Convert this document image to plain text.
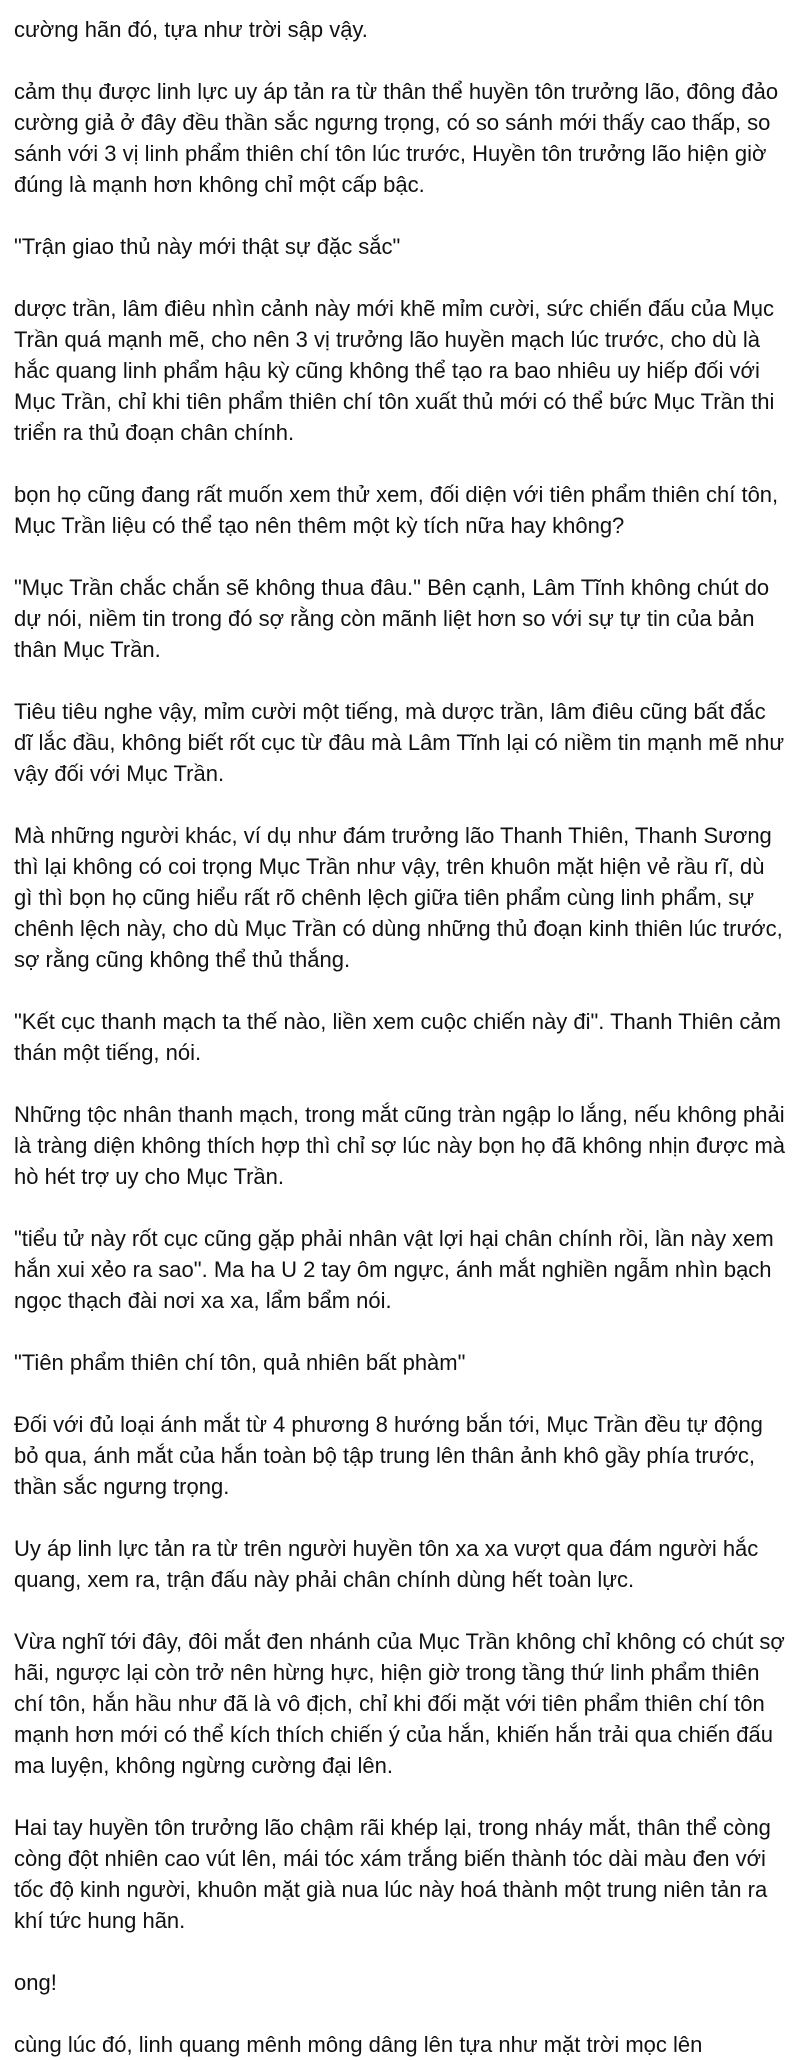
cường hãn đó, tựa như trời sập vậy.

cảm thụ được linh lực uy áp tản ra từ thân thể huyền tôn trưởng lão, đông đảo cường giả ở đây đều thần sắc ngưng trọng, có so sánh mới thấy cao thấp, so sánh với 3 vị linh phẩm thiên chí tôn lúc trước, Huyền tôn trưởng lão hiện giờ đúng là mạnh hơn không chỉ một cấp bậc.

"Trận giao thủ này mới thật sự đặc sắc"

dược trần, lâm điêu nhìn cảnh này mới khẽ mỉm cười, sức chiến đấu của Mục Trần quá mạnh mẽ, cho nên 3 vị trưởng lão huyền mạch lúc trước, cho dù là hắc quang linh phẩm hậu kỳ cũng không thể tạo ra bao nhiêu uy hiếp đối với Mục Trần, chỉ khi tiên phẩm thiên chí tôn xuất thủ mới có thể bức Mục Trần thi triển ra thủ đoạn chân chính.

bọn họ cũng đang rất muốn xem thử xem, đối diện với tiên phẩm thiên chí tôn, Mục Trần liệu có thể tạo nên thêm một kỳ tích nữa hay không?

"Mục Trần chắc chắn sẽ không thua đâu." Bên cạnh, Lâm Tĩnh không chút do dự nói, niềm tin trong đó sợ rằng còn mãnh liệt hơn so với sự tự tin của bản thân Mục Trần.

Tiêu tiêu nghe vậy, mỉm cười một tiếng, mà dược trần, lâm điêu cũng bất đắc dĩ lắc đầu, không biết rốt cục từ đâu mà Lâm Tĩnh lại có niềm tin mạnh mẽ như vậy đối với Mục Trần.

Mà những người khác, ví dụ như đám trưởng lão Thanh Thiên, Thanh Sương thì lại không có coi trọng Mục Trần như vậy, trên khuôn mặt hiện vẻ rầu rĩ, dù gì thì bọn họ cũng hiểu rất rõ chênh lệch giữa tiên phẩm cùng linh phẩm, sự chênh lệch này, cho dù Mục Trần có dùng những thủ đoạn kinh thiên lúc trước, sợ rằng cũng không thể thủ thắng.

"Kết cục thanh mạch ta thế nào, liền xem cuộc chiến này đi". Thanh Thiên cảm thán một tiếng, nói.

Những tộc nhân thanh mạch, trong mắt cũng tràn ngập lo lắng, nếu không phải là tràng diện không thích hợp thì chỉ sợ lúc này bọn họ đã không nhịn được mà hò hét trợ uy cho Mục Trần.

"tiểu tử này rốt cục cũng gặp phải nhân vật lợi hại chân chính rồi, lần này xem hắn xui xẻo ra sao". Ma ha U 2 tay ôm ngực, ánh mắt nghiền ngẫm nhìn bạch ngọc thạch đài nơi xa xa, lẩm bẩm nói.

"Tiên phẩm thiên chí tôn, quả nhiên bất phàm"

Đối với đủ loại ánh mắt từ 4 phương 8 hướng bắn tới, Mục Trần đều tự động bỏ qua, ánh mắt của hắn toàn bộ tập trung lên thân ảnh khô gầy phía trước, thần sắc ngưng trọng.

Uy áp linh lực tản ra từ trên người huyền tôn xa xa vượt qua đám người hắc quang, xem ra, trận đấu này phải chân chính dùng hết toàn lực.

Vừa nghĩ tới đây, đôi mắt đen nhánh của Mục Trần không chỉ không có chút sợ hãi, ngược lại còn trở nên hừng hực, hiện giờ trong tầng thứ linh phẩm thiên chí tôn, hắn hầu như đã là vô địch, chỉ khi đối mặt với tiên phẩm thiên chí tôn mạnh hơn mới có thể kích thích chiến ý của hắn, khiến hắn trải qua chiến đấu ma luyện, không ngừng cường đại lên.

Hai tay huyền tôn trưởng lão chậm rãi khép lại, trong nháy mắt, thân thể còng còng đột nhiên cao vút lên, mái tóc xám trắng biến thành tóc dài màu đen với tốc độ kinh người, khuôn mặt già nua lúc này hoá thành một trung niên tản ra khí tức hung hãn.

ong!

cùng lúc đó, linh quang mênh mông dâng lên tựa như mặt trời mọc lên
